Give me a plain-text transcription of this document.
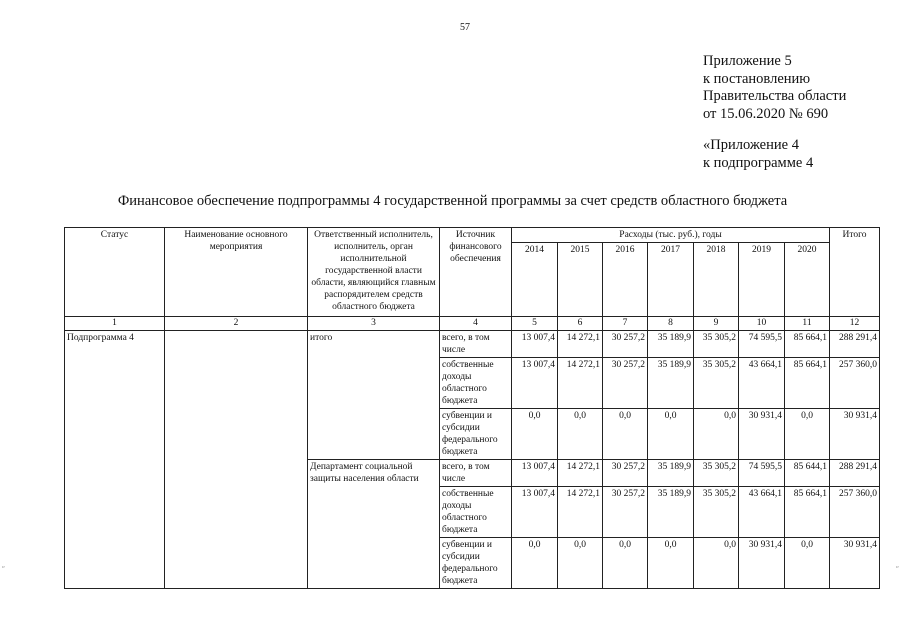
57
Приложение 5
к постановлению
Правительства области
от 15.06.2020 № 690
«Приложение 4
к подпрограмме 4
Финансовое обеспечение подпрограммы 4 государственной программы за счет средств областного бюджета
Статус	Наименование основного мероприятия	Ответственный исполнитель, исполнитель, орган исполнительной государственной власти области, являющийся главным распорядителем средств областного бюджета	Источник финансового обеспечения	Расходы (тыс. руб.), годы							Итого
				2014	2015	2016	2017	2018	2019	2020	
1	2	3	4	5	6	7	8	9	10	11	12
Подпрограмма 4		итого	всего, в том числе	13 007,4	14 272,1	30 257,2	35 189,9	35 305,2	74 595,5	85 664,1	288 291,4
			собственные доходы областного бюджета	13 007,4	14 272,1	30 257,2	35 189,9	35 305,2	43 664,1	85 664,1	257 360,0
			субвенции и субсидии федерального бюджета	0,0	0,0	0,0	0,0	0,0	30 931,4	0,0	30 931,4
		Департамент социальной защиты населения области	всего, в том числе	13 007,4	14 272,1	30 257,2	35 189,9	35 305,2	74 595,5	85 644,1	288 291,4
			собственные доходы областного бюджета	13 007,4	14 272,1	30 257,2	35 189,9	35 305,2	43 664,1	85 664,1	257 360,0
			субвенции и субсидии федерального бюджета	0,0	0,0	0,0	0,0	0,0	30 931,4	0,0	30 931,4
ʺ	ʺ
